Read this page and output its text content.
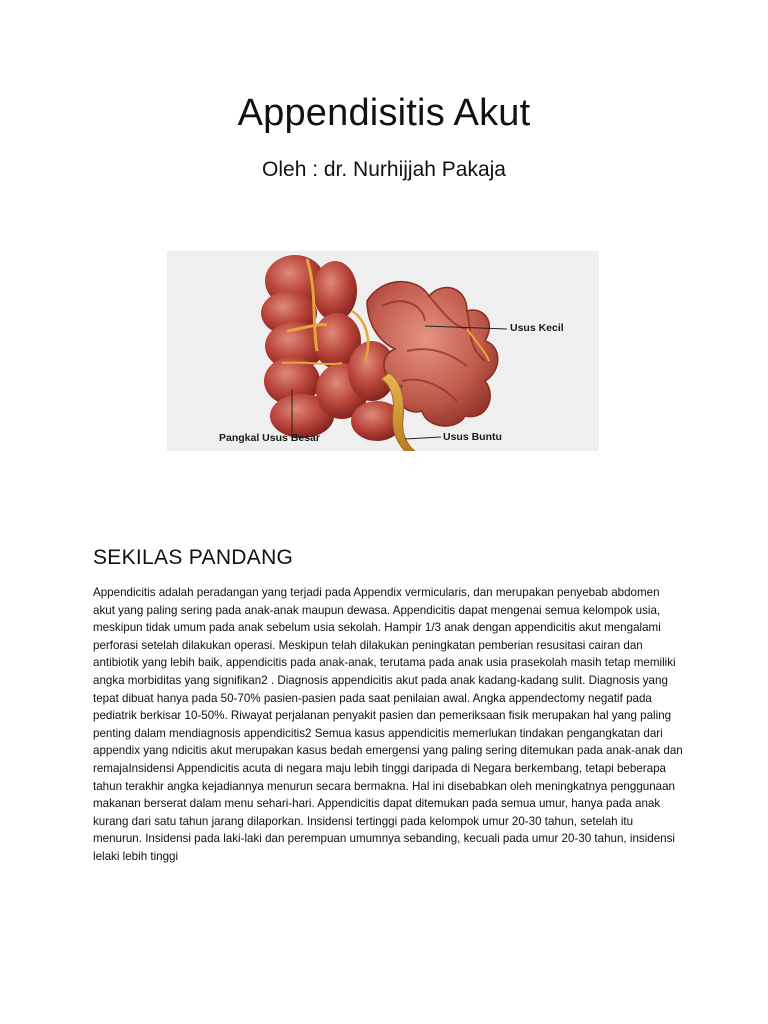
Appendisitis Akut

Oleh : dr. Nurhijjah Pakaja

Usus Kecil
Pangkal Usus Besar	Usus Buntu
SEKILAS PANDANG

Appendicitis adalah peradangan yang terjadi pada Appendix vermicularis, dan merupakan penyebab abdomen akut yang paling sering pada anak-anak maupun dewasa. Appendicitis dapat mengenai semua kelompok usia, meskipun tidak umum pada anak sebelum usia sekolah. Hampir 1/3 anak dengan appendicitis akut mengalami perforasi setelah dilakukan operasi. Meskipun telah dilakukan peningkatan pemberian resusitasi cairan dan antibiotik yang lebih baik, appendicitis pada anak-anak, terutama pada anak usia prasekolah masih tetap memiliki angka morbiditas yang signifikan2 . Diagnosis appendicitis akut pada anak kadang-kadang sulit. Diagnosis yang tepat dibuat hanya pada 50-70% pasien-pasien pada saat penilaian awal. Angka appendectomy negatif pada pediatrik berkisar 10-50%. Riwayat perjalanan penyakit pasien dan pemeriksaan fisik merupakan hal yang paling penting dalam mendiagnosis appendicitis2 Semua kasus appendicitis memerlukan tindakan pengangkatan dari appendix yang ndicitis akut merupakan kasus bedah emergensi yang paling sering ditemukan pada anak-anak dan remajaInsidensi Appendicitis acuta di negara maju lebih tinggi daripada di Negara berkembang, tetapi beberapa tahun terakhir angka kejadiannya menurun secara bermakna. Hal ini disebabkan oleh meningkatnya penggunaan makanan berserat dalam menu sehari-hari. Appendicitis dapat ditemukan pada semua umur, hanya pada anak kurang dari satu tahun jarang dilaporkan. Insidensi tertinggi pada kelompok umur 20-30 tahun, setelah itu menurun. Insidensi pada laki-laki dan perempuan umumnya sebanding, kecuali pada umur 20-30 tahun, insidensi lelaki lebih tinggi
